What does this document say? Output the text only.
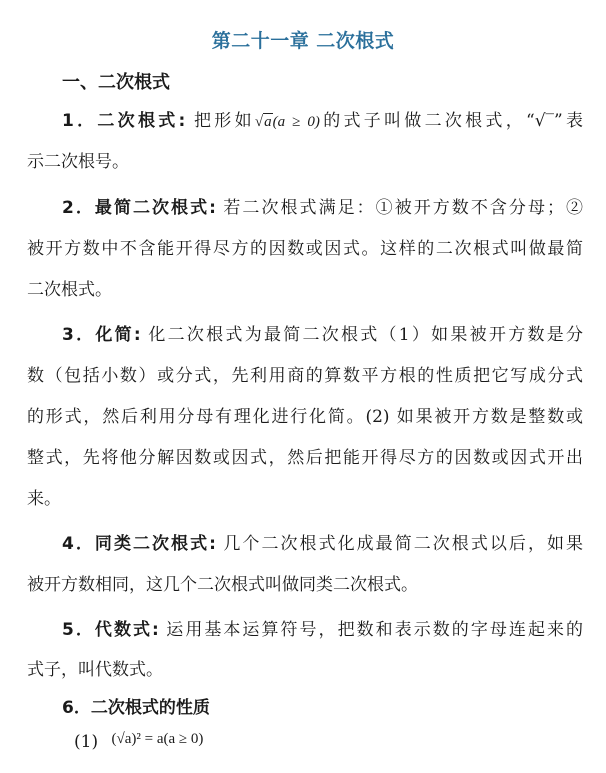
第二十一章 二次根式
一、二次根式
1．二次根式: 把形如√a(a ≥ 0)的式子叫做二次根式，“√‾”表
示二次根号。
2．最简二次根式: 若二次根式满足：①被开方数不含分母；②
被开方数中不含能开得尽方的因数或因式。这样的二次根式叫做最简
二次根式。
3．化简: 化二次根式为最简二次根式（1）如果被开方数是分
数（包括小数）或分式，先利用商的算数平方根的性质把它写成分式
的形式，然后利用分母有理化进行化简。(2) 如果被开方数是整数或
整式，先将他分解因数或因式，然后把能开得尽方的因数或因式开出
来。
4．同类二次根式: 几个二次根式化成最简二次根式以后，如果
被开方数相同，这几个二次根式叫做同类二次根式。
5．代数式: 运用基本运算符号，把数和表示数的字母连起来的
式子，叫代数式。
6．二次根式的性质
(1) (√a)² = a(a ≥ 0)
